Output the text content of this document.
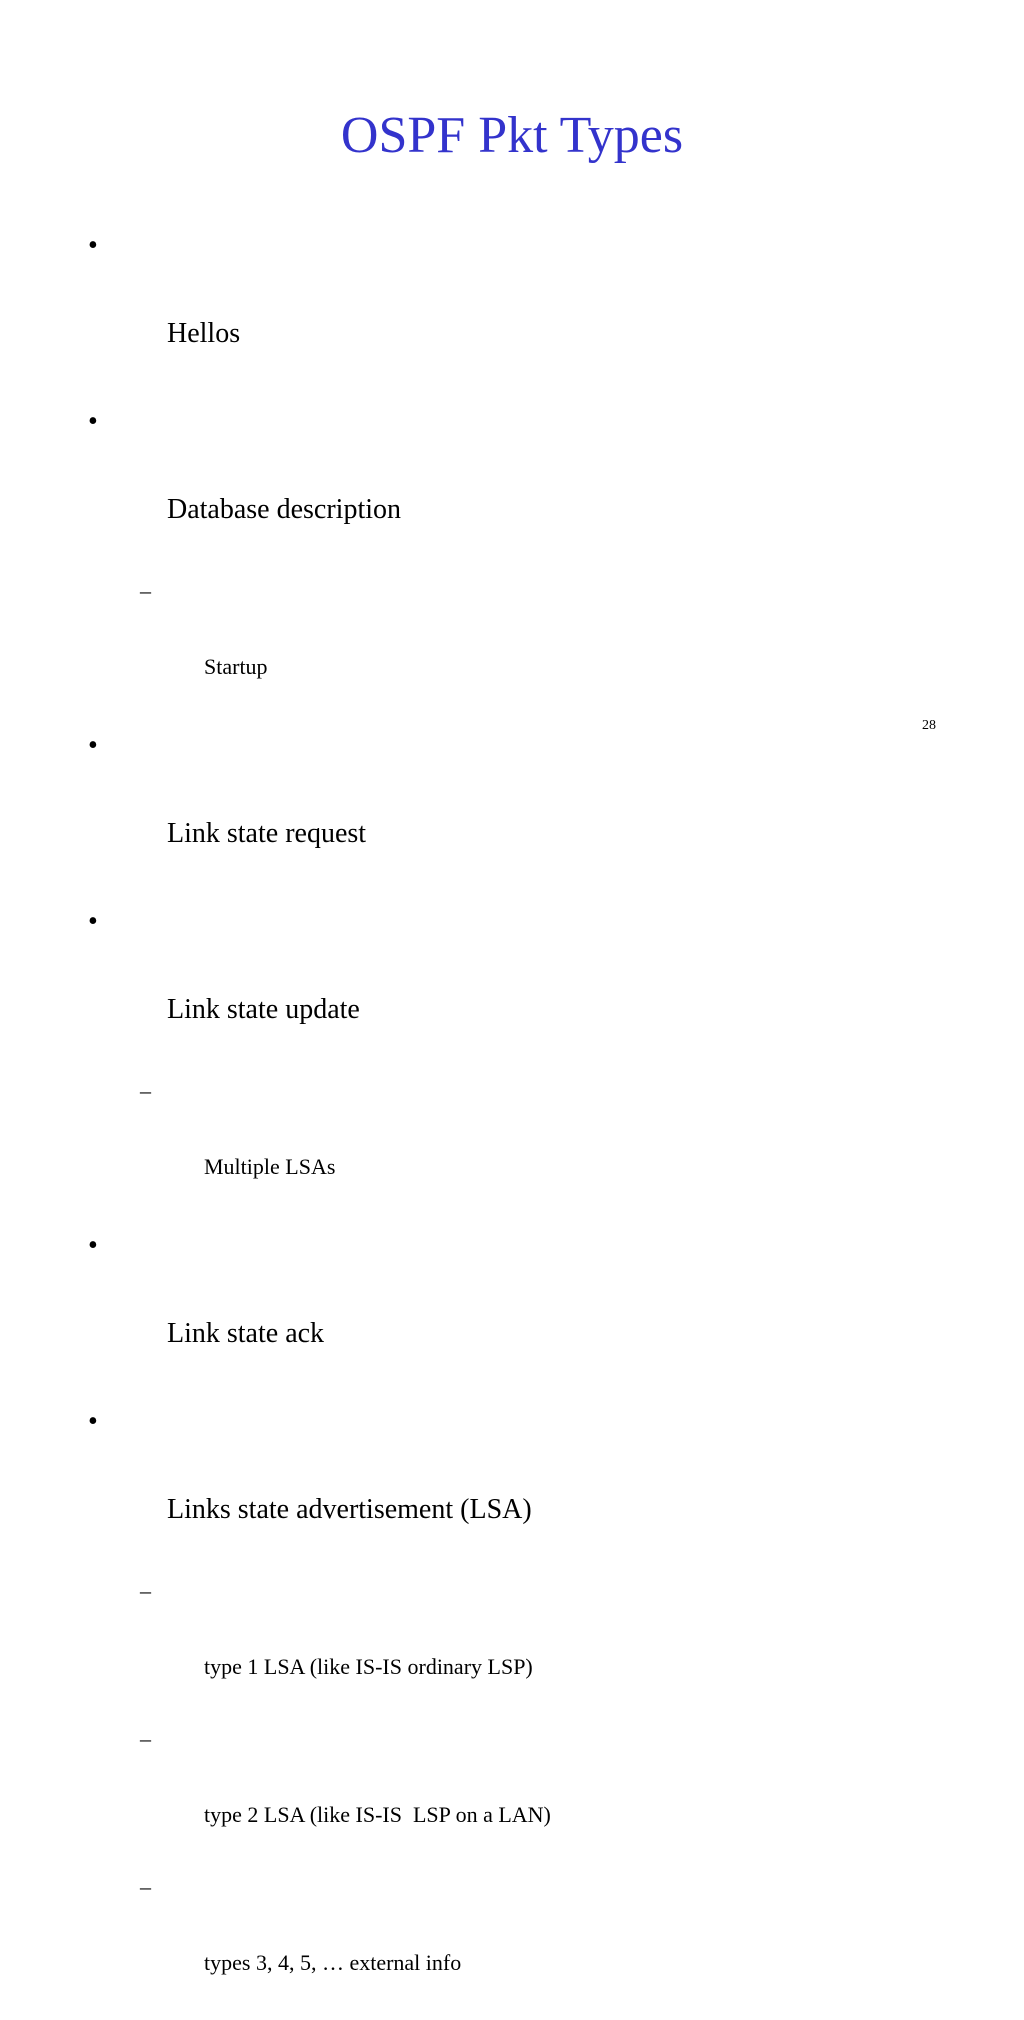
OSPF Pkt Types

•

Hellos

•

Database description

–

Startup

•

Link state request

•

Link state update

–

Multiple LSAs

•

Link state ack

•

Links state advertisement (LSA)

–

type 1 LSA (like IS-IS ordinary LSP)

–

type 2 LSA (like IS-IS  LSP on a LAN)

–

types 3, 4, 5, … external info

28
